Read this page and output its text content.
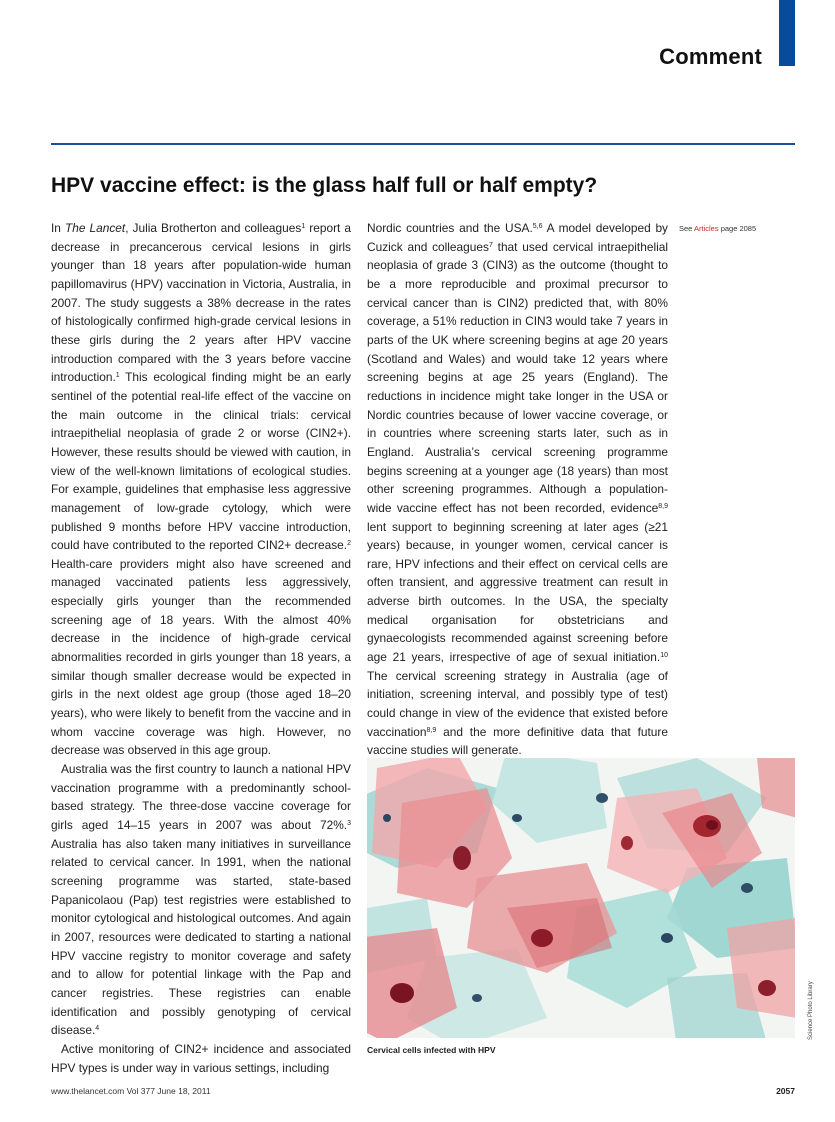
Comment
HPV vaccine effect: is the glass half full or half empty?

In The Lancet, Julia Brotherton and colleagues$^1$ report a decrease in precancerous cervical lesions in girls younger than 18 years after population-wide human papillomavirus (HPV) vaccination in Victoria, Australia, in 2007. The study suggests a 38% decrease in the rates of histologically confirmed high-grade cervical lesions in these girls during the 2 years after HPV vaccine introduction compared with the 3 years before vaccine introduction.$^1$ This ecological finding might be an early sentinel of the potential real-life effect of the vaccine on the main outcome in the clinical trials: cervical intraepithelial neoplasia of grade 2 or worse (CIN2+). However, these results should be viewed with caution, in view of the well-known limitations of ecological studies. For example, guidelines that emphasise less aggressive management of low-grade cytology, which were published 9 months before HPV vaccine introduction, could have contributed to the reported CIN2+ decrease.$^2$ Health-care providers might also have screened and managed vaccinated patients less aggressively, especially girls younger than the recommended screening age of 18 years. With the almost 40% decrease in the incidence of high-grade cervical abnormalities recorded in girls younger than 18 years, a similar though smaller decrease would be expected in girls in the next oldest age group (those aged 18–20 years), who were likely to benefit from the vaccine and in whom vaccine coverage was high. However, no decrease was observed in this age group.

Australia was the first country to launch a national HPV vaccination programme with a predominantly school-based strategy. The three-dose vaccine coverage for girls aged 14–15 years in 2007 was about 72%.$^3$ Australia has also taken many initiatives in surveillance related to cervical cancer. In 1991, when the national screening programme was started, state-based Papanicolaou (Pap) test registries were established to monitor cytological and histological outcomes. And again in 2007, resources were dedicated to starting a national HPV vaccine registry to monitor coverage and safety and to allow for potential linkage with the Pap and cancer registries. These registries can enable identification and possibly genotyping of cervical disease.$^4$

Active monitoring of CIN2+ incidence and associated HPV types is under way in various settings, including

Nordic countries and the USA.$^{5,6}$ A model developed by Cuzick and colleagues$^7$ that used cervical intraepithelial neoplasia of grade 3 (CIN3) as the outcome (thought to be a more reproducible and proximal precursor to cervical cancer than is CIN2) predicted that, with 80% coverage, a 51% reduction in CIN3 would take 7 years in parts of the UK where screening begins at age 20 years (Scotland and Wales) and would take 12 years where screening begins at age 25 years (England). The reductions in incidence might take longer in the USA or Nordic countries because of lower vaccine coverage, or in countries where screening starts later, such as in England. Australia’s cervical screening programme begins screening at a younger age (18 years) than most other screening programmes. Although a population-wide vaccine effect has not been recorded, evidence$^{8,9}$ lent support to beginning screening at later ages (≥21 years) because, in younger women, cervical cancer is rare, HPV infections and their effect on cervical cells are often transient, and aggressive treatment can result in adverse birth outcomes. In the USA, the specialty medical organisation for obstetricians and gynaecologists recommended against screening before age 21 years, irrespective of age of sexual initiation.$^{10}$ The cervical screening strategy in Australia (age of initiation, screening interval, and possibly type of test) could change in view of the evidence that existed before vaccination$^{8,9}$ and the more definitive data that future vaccine studies will generate.

See Articles page 2085
Science Photo Library
Cervical cells infected with HPV
www.thelancet.com Vol 377 June 18, 2011	2057
